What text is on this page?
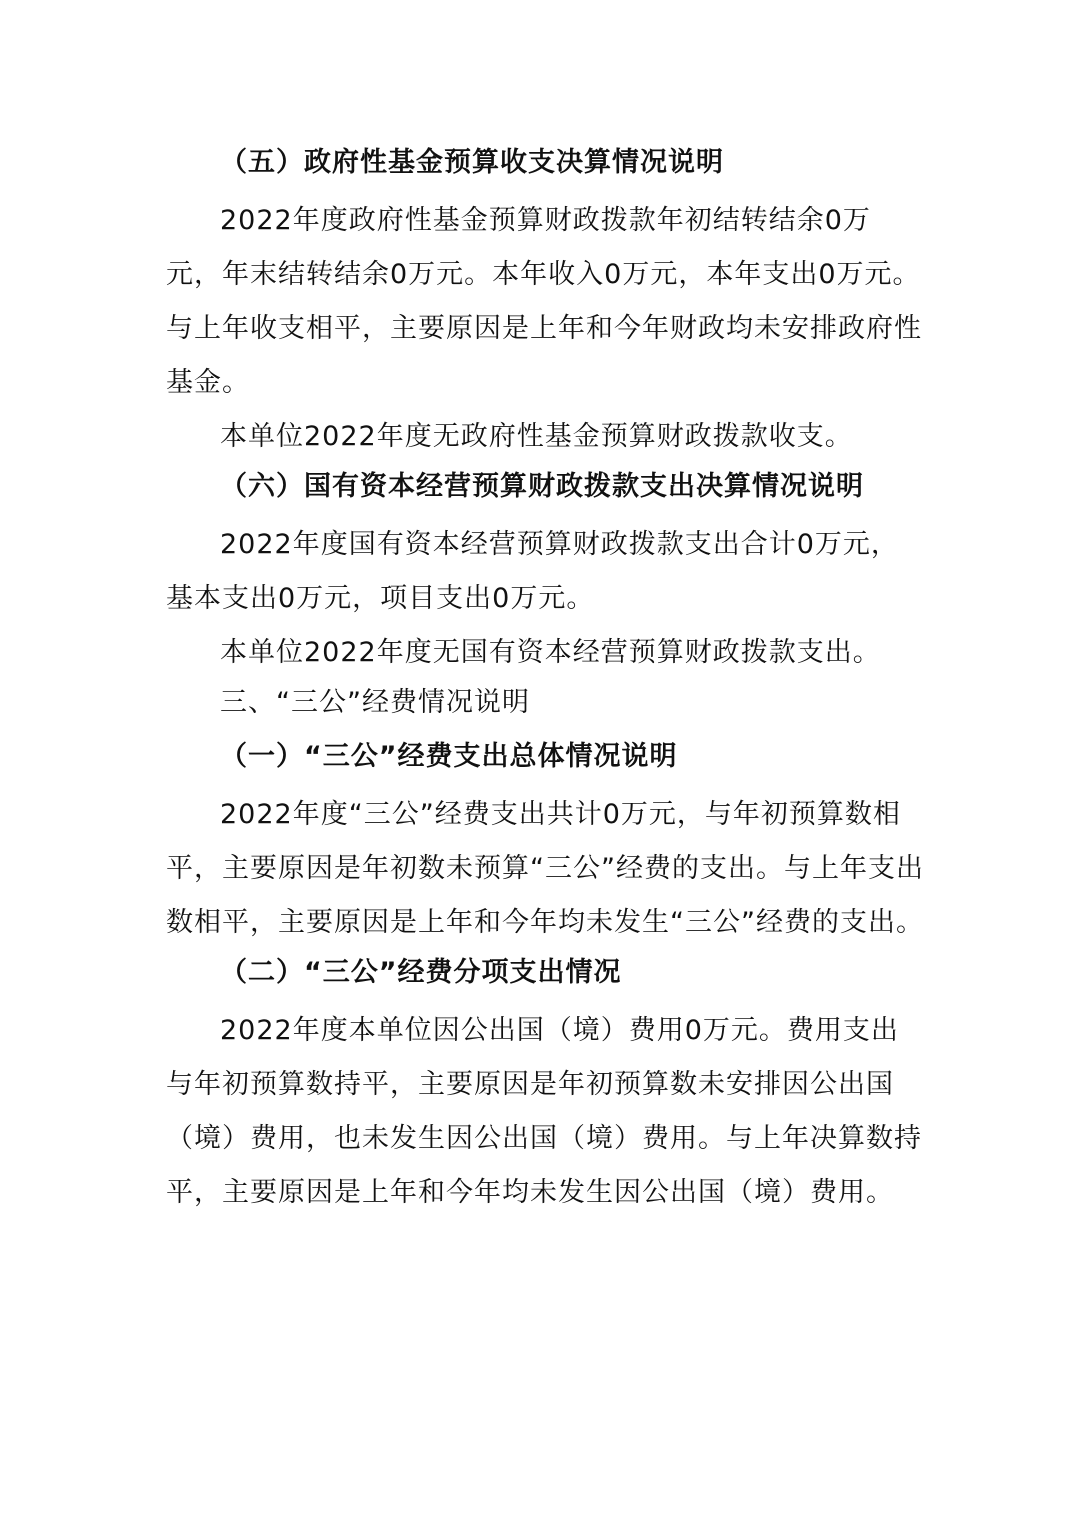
（五）政府性基金预算收支决算情况说明

2022年度政府性基金预算财政拨款年初结转结余0万元，年末结转结余0万元。本年收入0万元，本年支出0万元。与上年收支相平，主要原因是上年和今年财政均未安排政府性基金。

本单位2022年度无政府性基金预算财政拨款收支。

（六）国有资本经营预算财政拨款支出决算情况说明

2022年度国有资本经营预算财政拨款支出合计0万元，基本支出0万元，项目支出0万元。

本单位2022年度无国有资本经营预算财政拨款支出。

三、“三公”经费情况说明

（一）“三公”经费支出总体情况说明

2022年度“三公”经费支出共计0万元，与年初预算数相平，主要原因是年初数未预算“三公”经费的支出。与上年支出数相平，主要原因是上年和今年均未发生“三公”经费的支出。

（二）“三公”经费分项支出情况

2022年度本单位因公出国（境）费用0万元。费用支出与年初预算数持平，主要原因是年初预算数未安排因公出国（境）费用，也未发生因公出国（境）费用。与上年决算数持平，主要原因是上年和今年均未发生因公出国（境）费用。
